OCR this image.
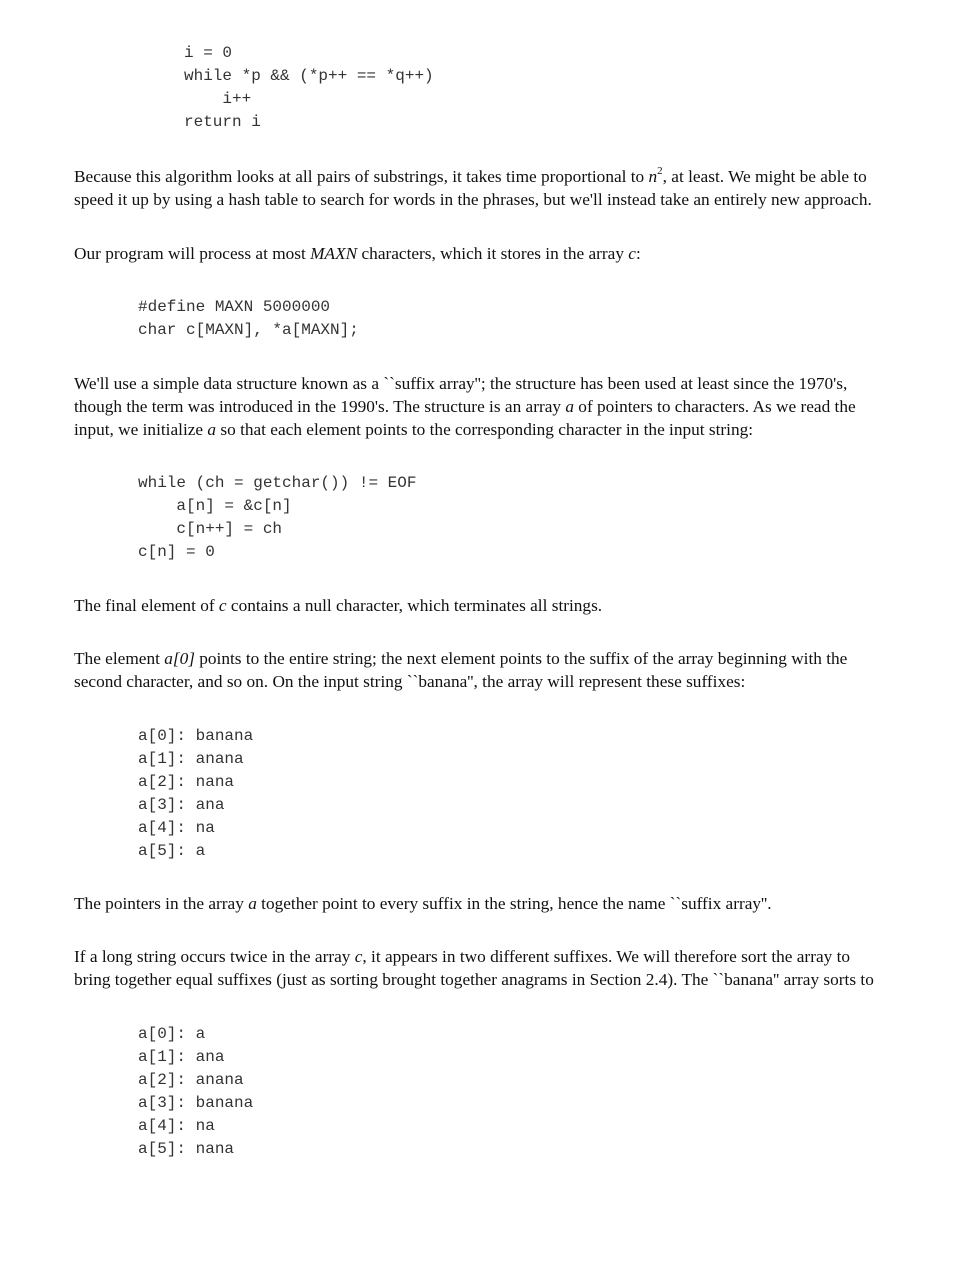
i = 0
while *p && (*p++ == *q++)
i++
return i
Because this algorithm looks at all pairs of substrings, it takes time proportional to $n^2$, at least. We might be able to
speed it up by using a hash table to search for words in the phrases, but we'll instead take an entirely new approach.
Our program will process at most MAXN characters, which it stores in the array c:
#define MAXN 5000000
char c[MAXN], *a[MAXN];
We'll use a simple data structure known as a ``suffix array''; the structure has been used at least since the 1970's,
though the term was introduced in the 1990's. The structure is an array a of pointers to characters. As we read the
input, we initialize a so that each element points to the corresponding character in the input string:
while (ch = getchar()) != EOF
a[n] = &c[n]
c[n++] = ch
c[n] = 0
The final element of c contains a null character, which terminates all strings.
The element a[0] points to the entire string; the next element points to the suffix of the array beginning with the
second character, and so on. On the input string ``banana'', the array will represent these suffixes:
a[0]: banana
a[1]: anana
a[2]: nana
a[3]: ana
a[4]: na
a[5]: a
The pointers in the array a together point to every suffix in the string, hence the name ``suffix array''.
If a long string occurs twice in the array c, it appears in two different suffixes. We will therefore sort the array to
bring together equal suffixes (just as sorting brought together anagrams in Section 2.4). The ``banana'' array sorts to
a[0]: a
a[1]: ana
a[2]: anana
a[3]: banana
a[4]: na
a[5]: nana
